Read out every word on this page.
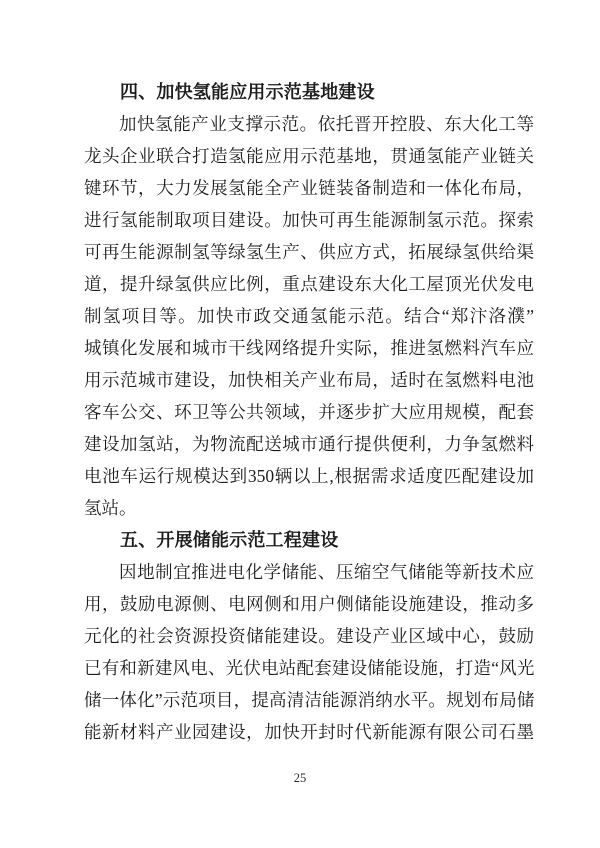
四、加快氢能应用示范基地建设
加快氢能产业支撑示范。依托晋开控股、东大化工等
龙头企业联合打造氢能应用示范基地，贯通氢能产业链关
键环节，大力发展氢能全产业链装备制造和一体化布局，
进行氢能制取项目建设。加快可再生能源制氢示范。探索
可再生能源制氢等绿氢生产、供应方式，拓展绿氢供给渠
道，提升绿氢供应比例，重点建设东大化工屋顶光伏发电
制氢项目等。加快市政交通氢能示范。结合“郑汴洛濮”
城镇化发展和城市干线网络提升实际，推进氢燃料汽车应
用示范城市建设，加快相关产业布局，适时在氢燃料电池
客车公交、环卫等公共领域，并逐步扩大应用规模，配套
建设加氢站，为物流配送城市通行提供便利，力争氢燃料
电池车运行规模达到350辆以上,根据需求适度匹配建设加
氢站。
五、开展储能示范工程建设
因地制宜推进电化学储能、压缩空气储能等新技术应
用，鼓励电源侧、电网侧和用户侧储能设施建设，推动多
元化的社会资源投资储能建设。建设产业区域中心，鼓励
已有和新建风电、光伏电站配套建设储能设施，打造“风光
储一体化”示范项目，提高清洁能源消纳水平。规划布局储
能新材料产业园建设，加快开封时代新能源有限公司石墨
25
